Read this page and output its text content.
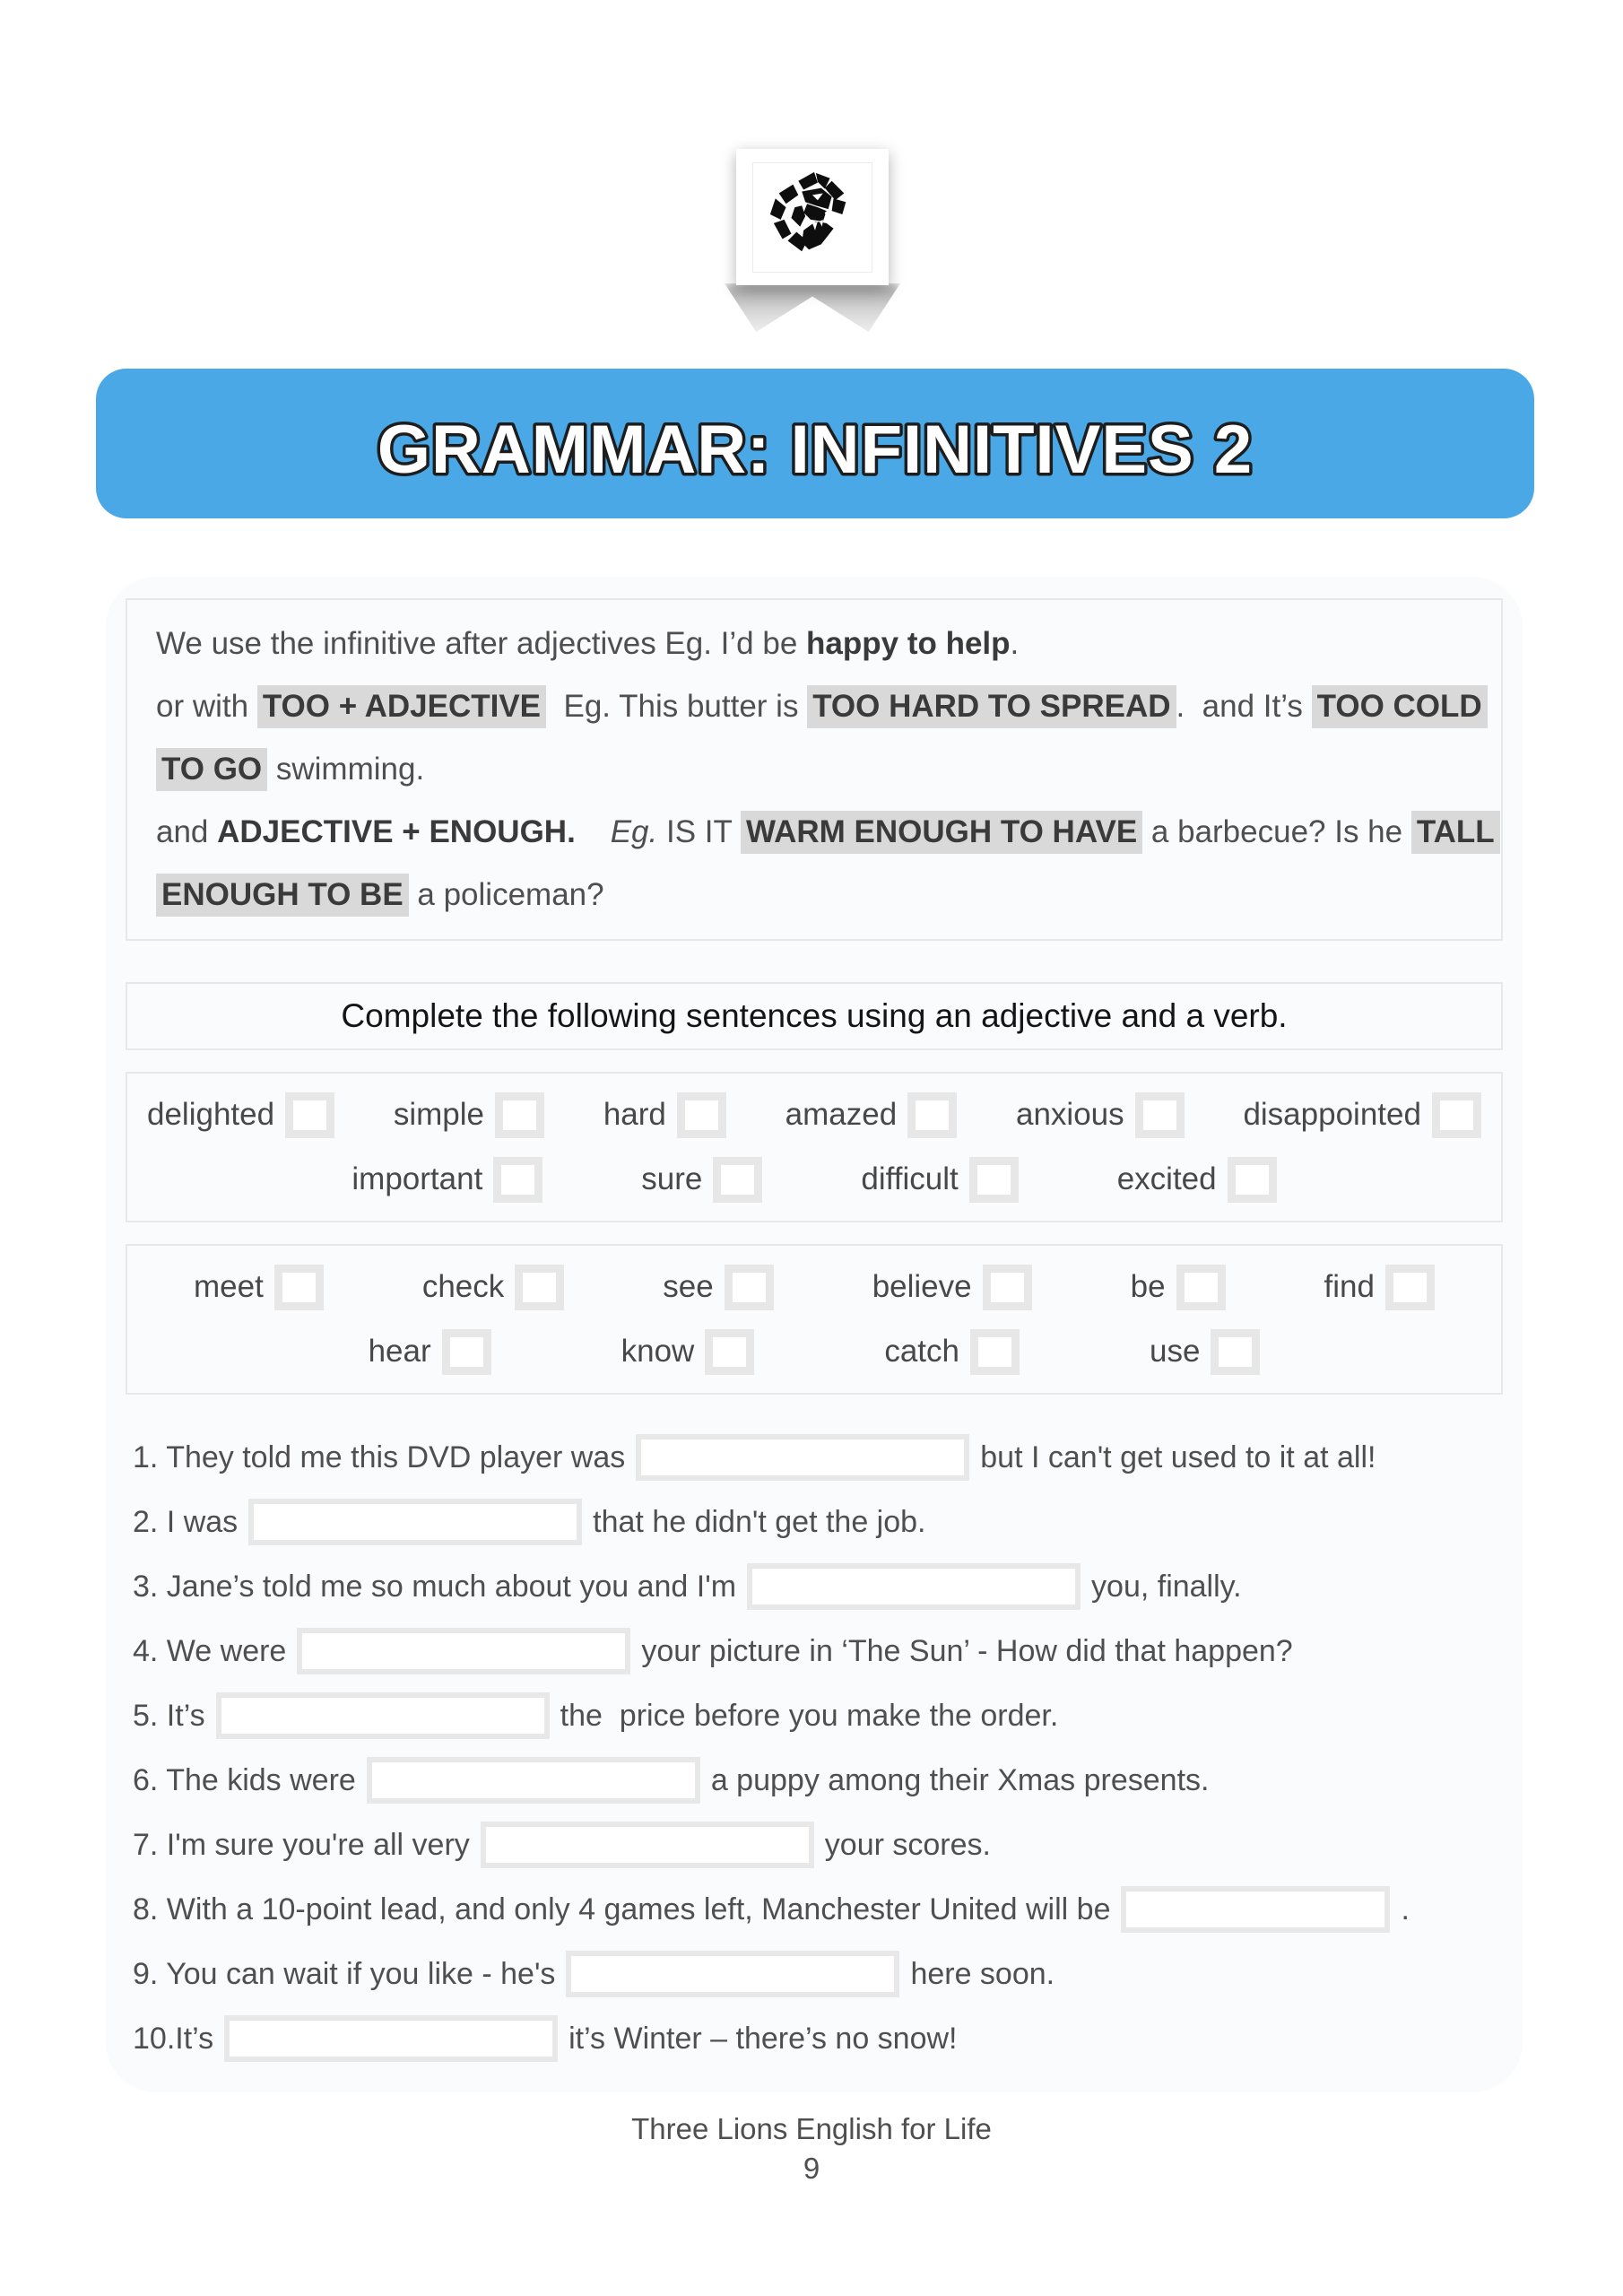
GRAMMAR: INFINITIVES 2
We use the infinitive after adjectives Eg. I’d be happy to help .
or with TOO + ADJECTIVE Eg. This butter is TOO HARD TO SPREAD .  and It’s TOO COLD
TO GO swimming.
and ADJECTIVE + ENOUGH.
Eg. IS IT WARM ENOUGH TO HAVE a barbecue? Is he TALL
ENOUGH TO BE a policeman?
Complete the following sentences using an adjective and a verb.
delighted	simple	hard	amazed	anxious	disappointed
important	sure	difficult	excited
meet	check	see	believe	be	find
hear	know	catch	use
1. They told me this DVD player was	but I can't get used to it at all!
2. I was	that he didn't get the job.
3. Jane’s told me so much about you and I'm	you, finally.
4. We were	your picture in ‘The Sun’ - How did that happen?
5. It’s	the  price before you make the order.
6. The kids were	a puppy among their Xmas presents.
7. I'm sure you're all very	your scores.
8. With a 10-point lead, and only 4 games left, Manchester United will be	.
9. You can wait if you like - he's	here soon.
10.It’s	it’s Winter – there’s no snow!
Three Lions English for Life
9
